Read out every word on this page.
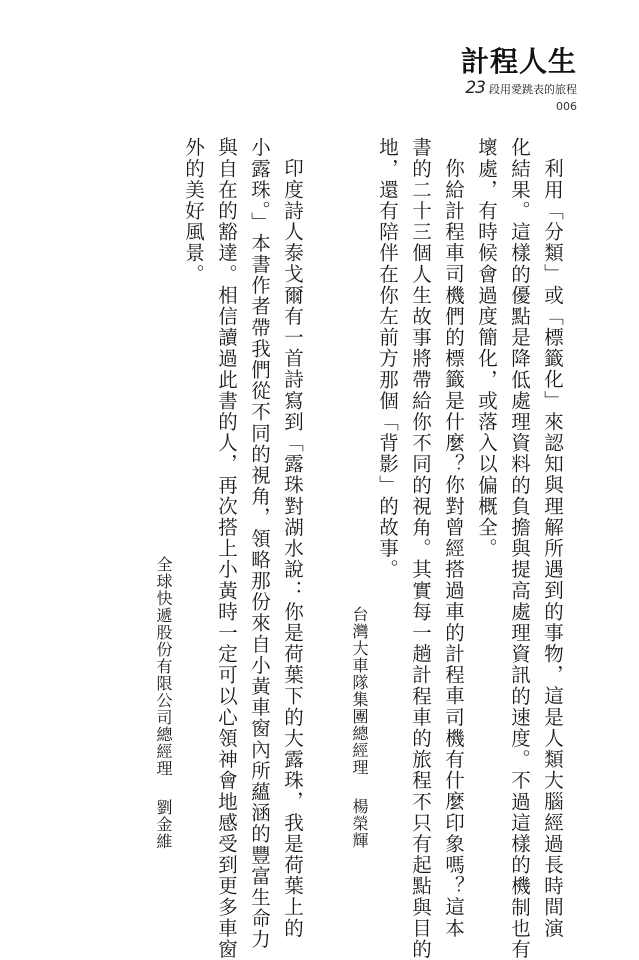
計程人生
23 段用愛跳表的旅程
006
利用「分類」或「標籤化」來認知與理解所遇到的事物，這是人類大腦經過長時間演
化結果。這樣的優點是降低處理資料的負擔與提高處理資訊的速度。不過這樣的機制也有
壞處，有時候會過度簡化，或落入以偏概全。
你給計程車司機們的標籤是什麼？你對曾經搭過車的計程車司機有什麼印象嗎？這本
書的二十三個人生故事將帶給你不同的視角。其實每一趟計程車的旅程不只有起點與目的
地，還有陪伴在你左前方那個「背影」的故事。
台灣大車隊集團總經理楊榮輝
印度詩人泰戈爾有一首詩寫到「露珠對湖水說：你是荷葉下的大露珠，我是荷葉上的
小露珠。」本書作者帶我們從不同的視角，領略那份來自小黃車窗內所蘊涵的豐富生命力
與自在的豁達。相信讀過此書的人，再次搭上小黃時一定可以心領神會地感受到更多車窗
外的美好風景。
全球快遞股份有限公司總經理劉金維
